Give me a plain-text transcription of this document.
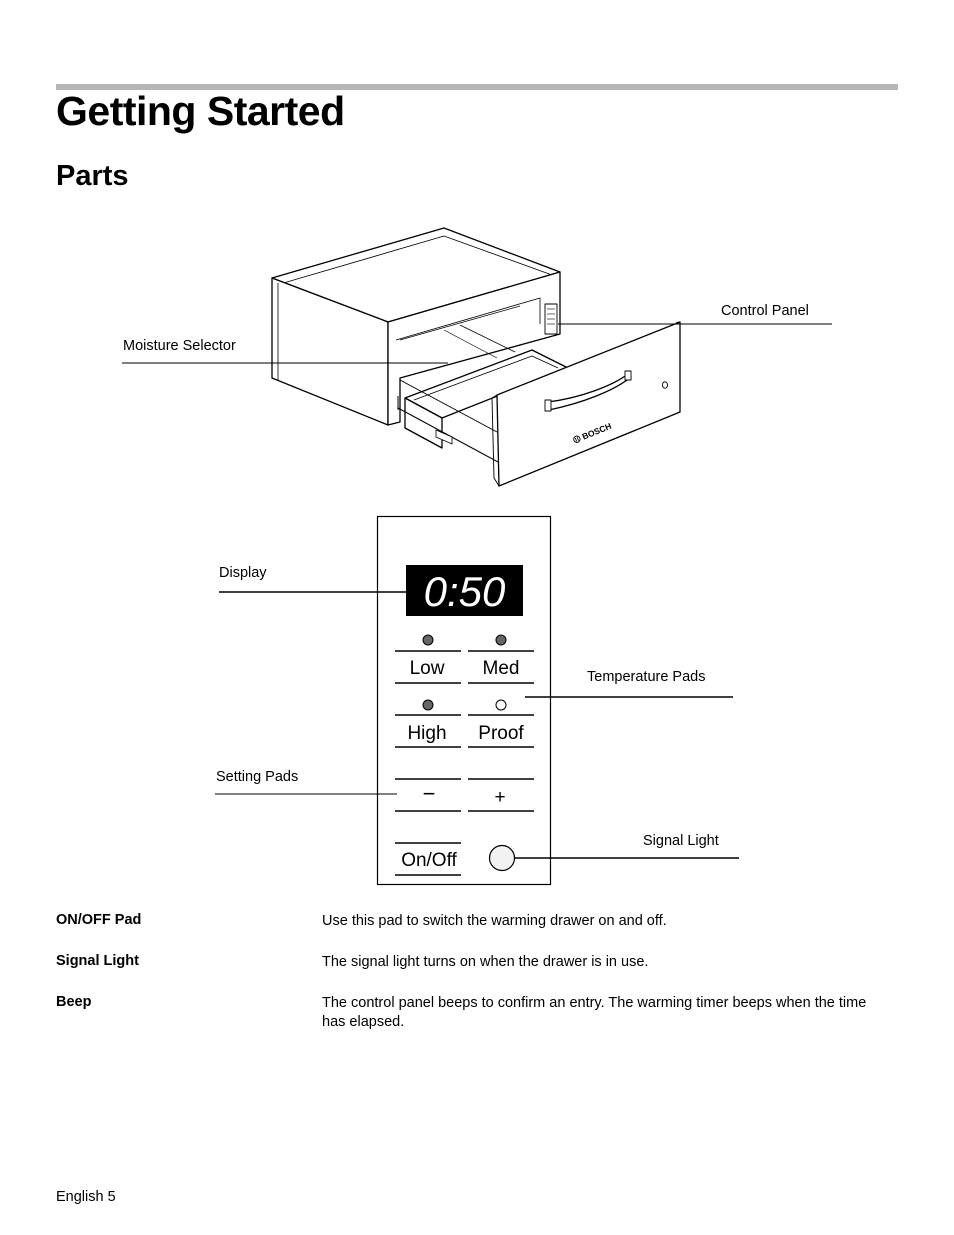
Getting Started
Parts
BOSCH
0:50
Low Med
High Proof
−	+
On/Off
Control Panel
Moisture Selector
Display
Temperature Pads
Setting Pads
Signal Light
ON/OFF Pad	Use this pad to switch the warming drawer on and off.
Signal Light	The signal light turns on when the drawer is in use.
Beep	The control panel beeps to confirm an entry. The warming timer beeps when the time has elapsed.
English 5
